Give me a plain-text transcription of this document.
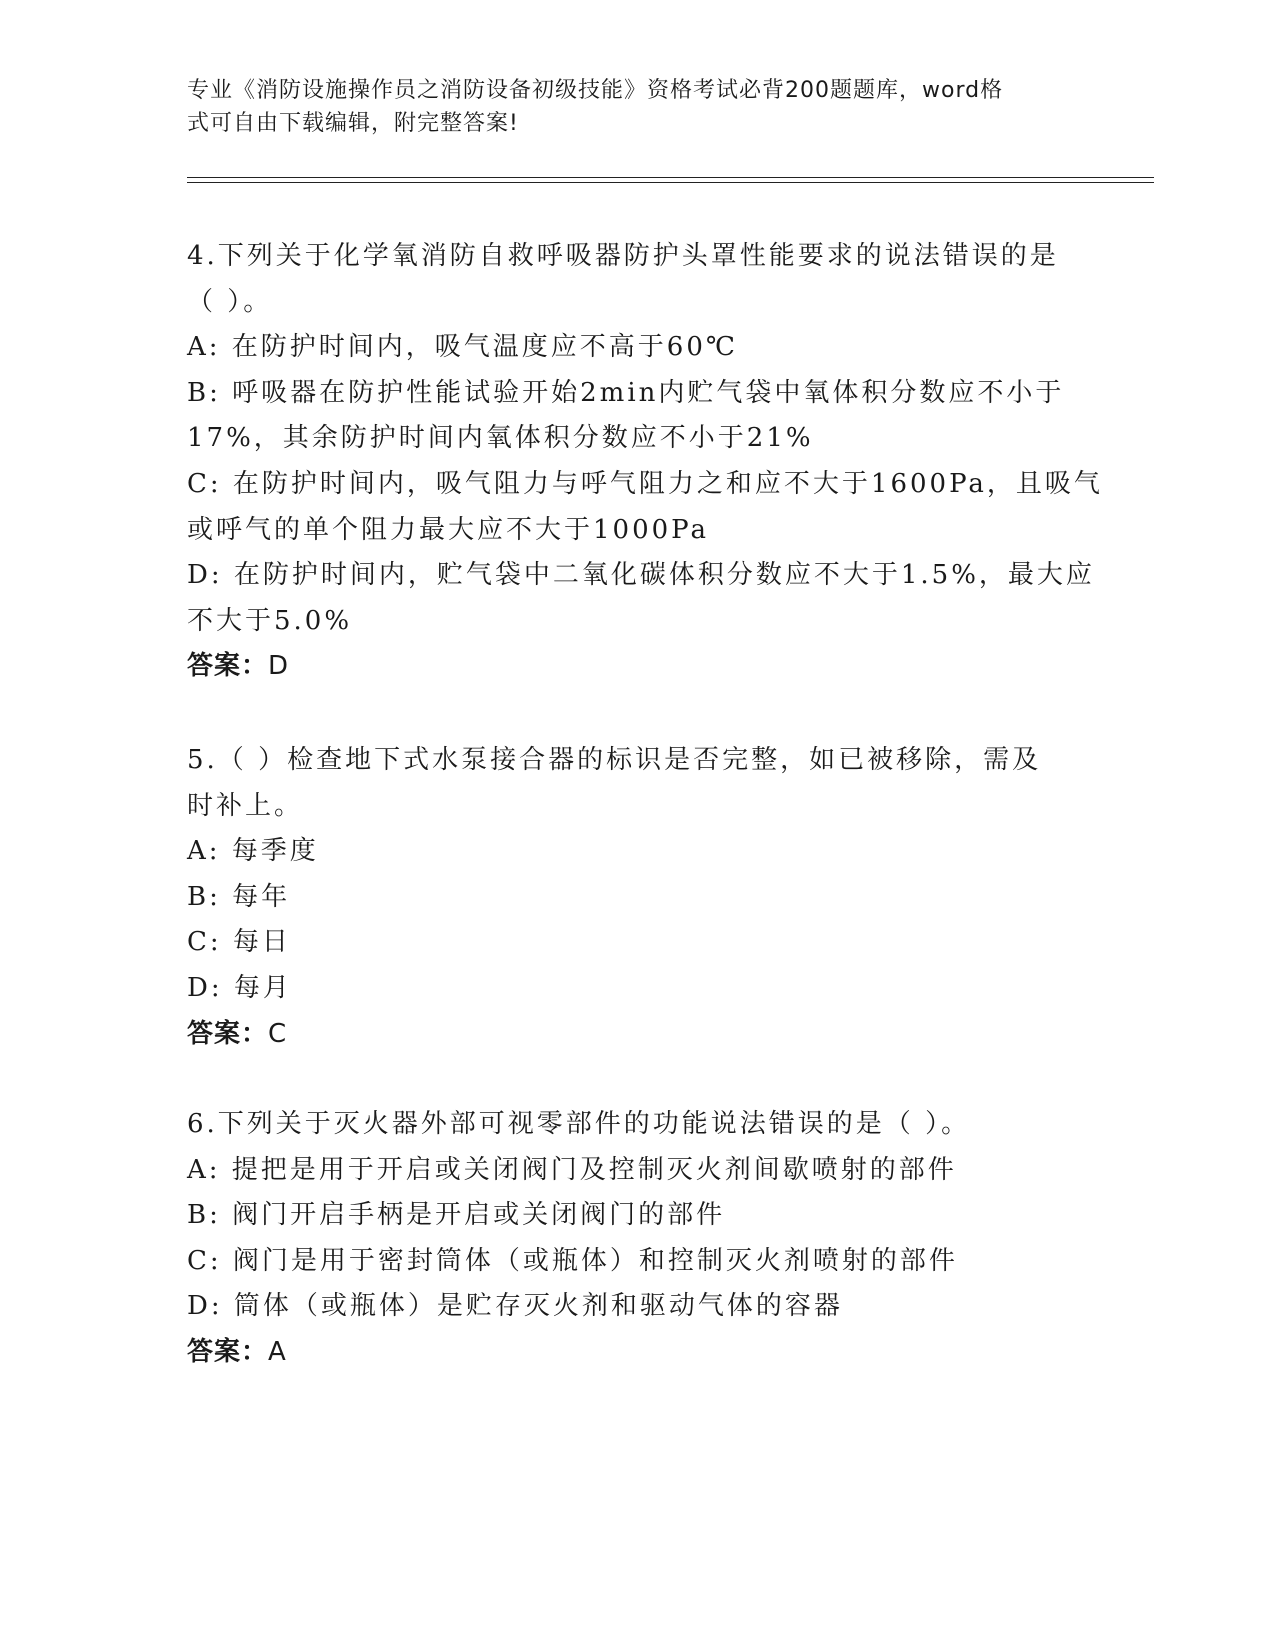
专业《消防设施操作员之消防设备初级技能》资格考试必背200题题库，word格
式可自由下载编辑，附完整答案!
4.下列关于化学氧消防自救呼吸器防护头罩性能要求的说法错误的是
（ ）。
A: 在防护时间内，吸气温度应不高于60℃
B: 呼吸器在防护性能试验开始2min内贮气袋中氧体积分数应不小于
17%，其余防护时间内氧体积分数应不小于21%
C: 在防护时间内，吸气阻力与呼气阻力之和应不大于1600Pa，且吸气
或呼气的单个阻力最大应不大于1000Pa
D: 在防护时间内，贮气袋中二氧化碳体积分数应不大于1.5%，最大应
不大于5.0%
答案：D
5.（ ）检查地下式水泵接合器的标识是否完整，如已被移除，需及
时补上。
A: 每季度
B: 每年
C: 每日
D: 每月
答案：C
6.下列关于灭火器外部可视零部件的功能说法错误的是（ ）。
A: 提把是用于开启或关闭阀门及控制灭火剂间歇喷射的部件
B: 阀门开启手柄是开启或关闭阀门的部件
C: 阀门是用于密封筒体（或瓶体）和控制灭火剂喷射的部件
D: 筒体（或瓶体）是贮存灭火剂和驱动气体的容器
答案：A
